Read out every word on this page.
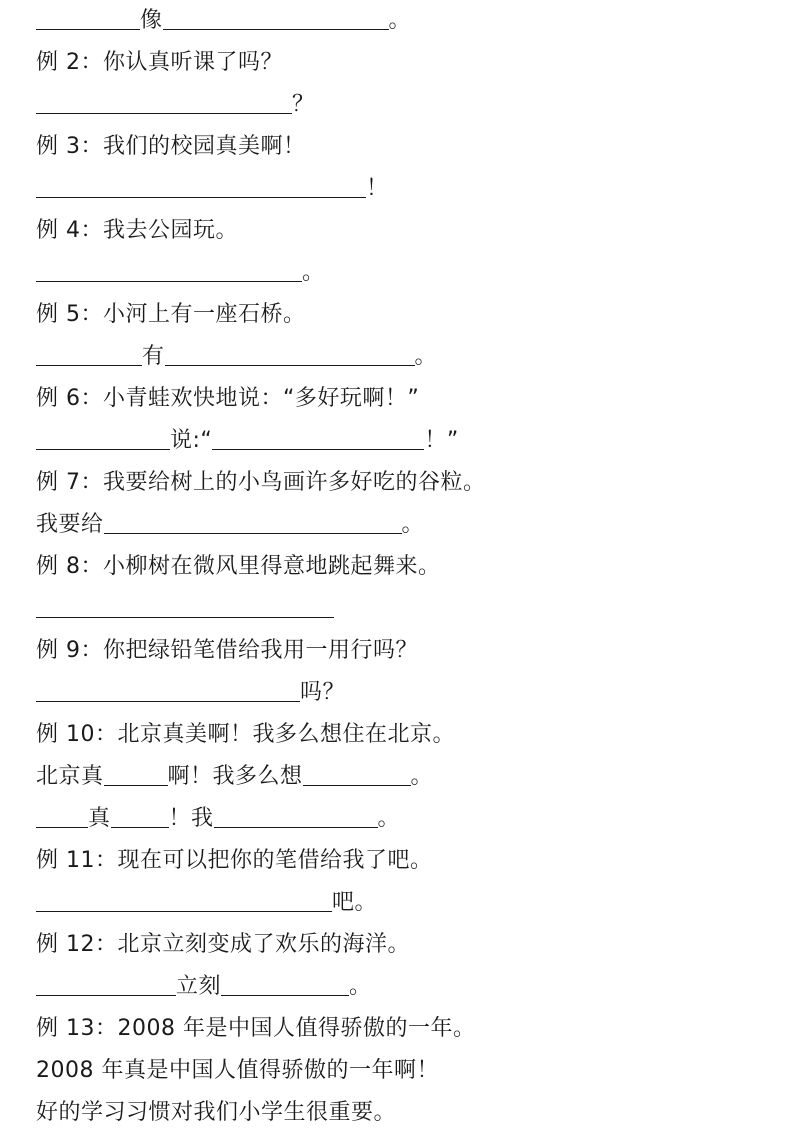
像	。
例 2：你认真听课了吗？
？
例 3：我们的校园真美啊！
！
例 4：我去公园玩。
。
例 5：小河上有一座石桥。
有	。
例 6：小青蛙欢快地说：“多好玩啊！”
说:“	！”
例 7：我要给树上的小鸟画许多好吃的谷粒。
我要给	。
例 8：小柳树在微风里得意地跳起舞来。
例 9：你把绿铅笔借给我用一用行吗？
吗？
例 10：北京真美啊！我多么想住在北京。
北京真	啊！我多么想	。
真	！我	。
例 11：现在可以把你的笔借给我了吧。
吧。
例 12：北京立刻变成了欢乐的海洋。
立刻	。
例 13：2008 年是中国人值得骄傲的一年。
2008 年真是中国人值得骄傲的一年啊！
好的学习习惯对我们小学生很重要。
